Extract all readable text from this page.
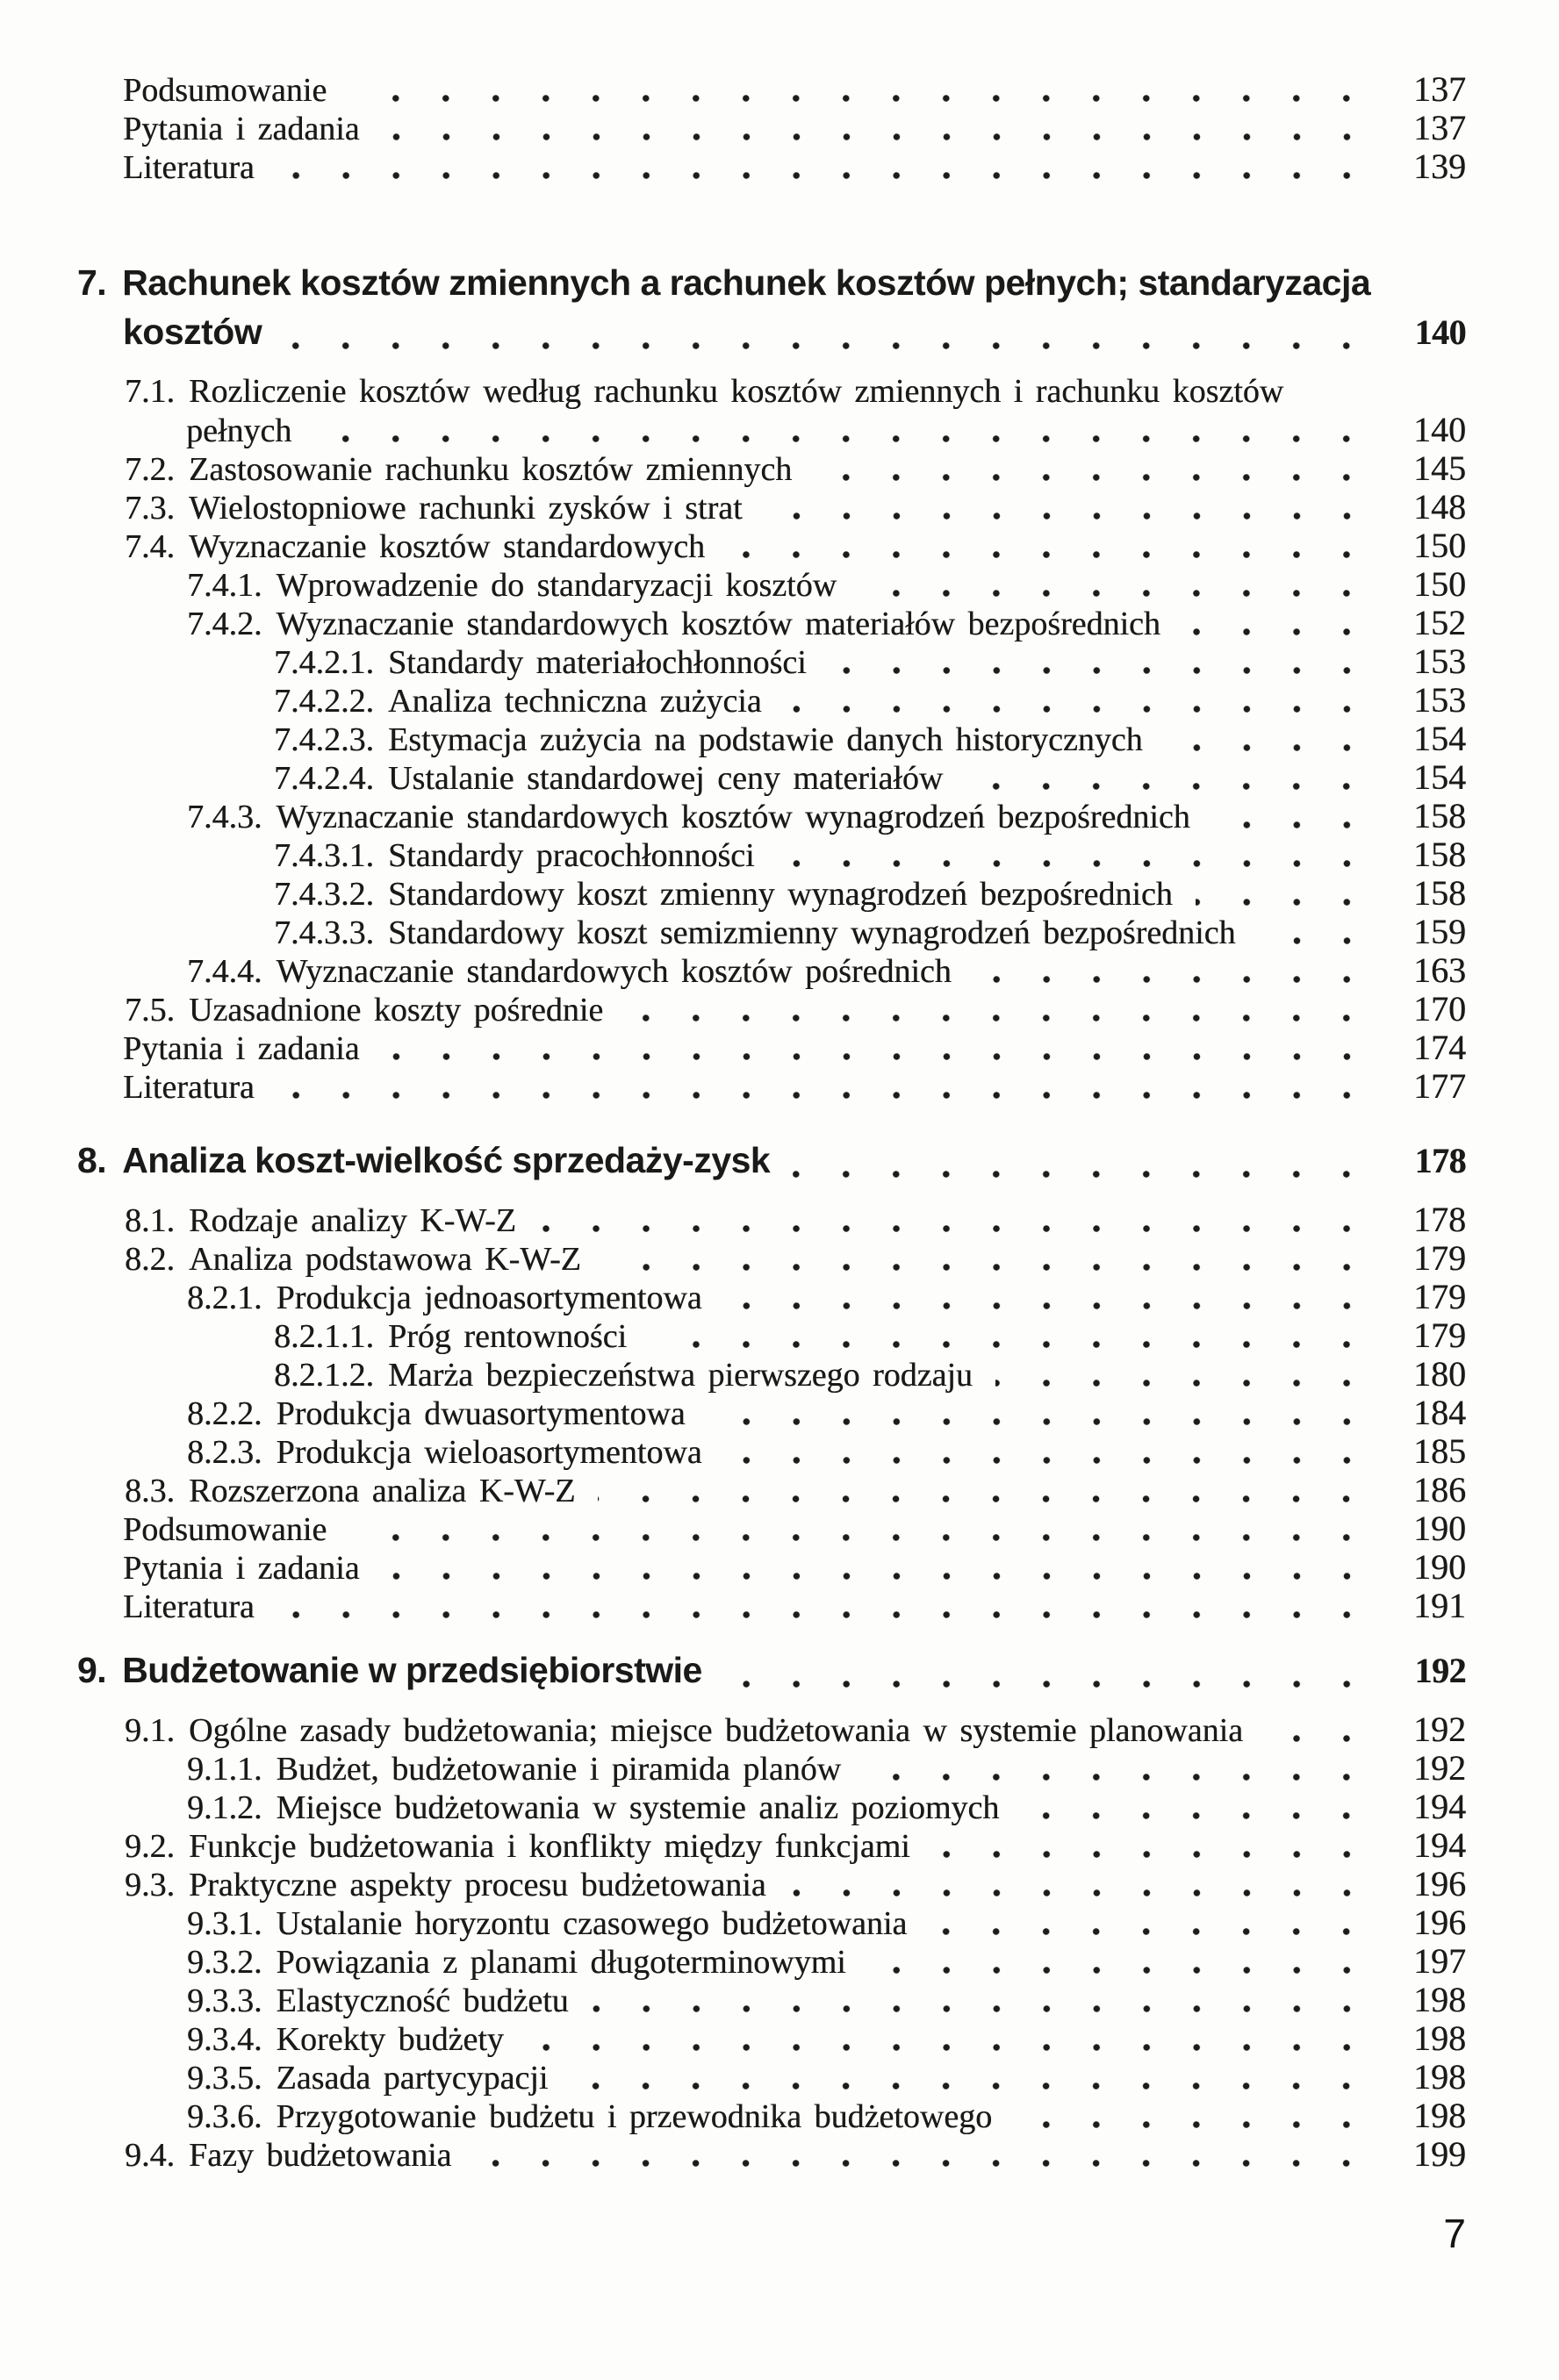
Podsumowanie	137
Pytania i zadania	137
Literatura	139
7. Rachunek kosztów zmiennych a rachunek kosztów pełnych; standaryzacja
kosztów	140
7.1. Rozliczenie kosztów według rachunku kosztów zmiennych i rachunku kosztów
pełnych	140
7.2. Zastosowanie rachunku kosztów zmiennych	145
7.3. Wielostopniowe rachunki zysków i strat	148
7.4. Wyznaczanie kosztów standardowych	150
7.4.1. Wprowadzenie do standaryzacji kosztów	150
7.4.2. Wyznaczanie standardowych kosztów materiałów bezpośrednich	152
7.4.2.1. Standardy materiałochłonności	153
7.4.2.2. Analiza techniczna zużycia	153
7.4.2.3. Estymacja zużycia na podstawie danych historycznych	154
7.4.2.4. Ustalanie standardowej ceny materiałów	154
7.4.3. Wyznaczanie standardowych kosztów wynagrodzeń bezpośrednich	158
7.4.3.1. Standardy pracochłonności	158
7.4.3.2. Standardowy koszt zmienny wynagrodzeń bezpośrednich	158
7.4.3.3. Standardowy koszt semizmienny wynagrodzeń bezpośrednich	159
7.4.4. Wyznaczanie standardowych kosztów pośrednich	163
7.5. Uzasadnione koszty pośrednie	170
Pytania i zadania	174
Literatura	177
8. Analiza koszt-wielkość sprzedaży-zysk	178
8.1. Rodzaje analizy K-W-Z	178
8.2. Analiza podstawowa K-W-Z	179
8.2.1. Produkcja jednoasortymentowa	179
8.2.1.1. Próg rentowności	179
8.2.1.2. Marża bezpieczeństwa pierwszego rodzaju	180
8.2.2. Produkcja dwuasortymentowa	184
8.2.3. Produkcja wieloasortymentowa	185
8.3. Rozszerzona analiza K-W-Z	186
Podsumowanie	190
Pytania i zadania	190
Literatura	191
9. Budżetowanie w przedsiębiorstwie	192
9.1. Ogólne zasady budżetowania; miejsce budżetowania w systemie planowania	192
9.1.1. Budżet, budżetowanie i piramida planów	192
9.1.2. Miejsce budżetowania w systemie analiz poziomych	194
9.2. Funkcje budżetowania i konflikty między funkcjami	194
9.3. Praktyczne aspekty procesu budżetowania	196
9.3.1. Ustalanie horyzontu czasowego budżetowania	196
9.3.2. Powiązania z planami długoterminowymi	197
9.3.3. Elastyczność budżetu	198
9.3.4. Korekty budżety	198
9.3.5. Zasada partycypacji	198
9.3.6. Przygotowanie budżetu i przewodnika budżetowego	198
9.4. Fazy budżetowania	199
7
